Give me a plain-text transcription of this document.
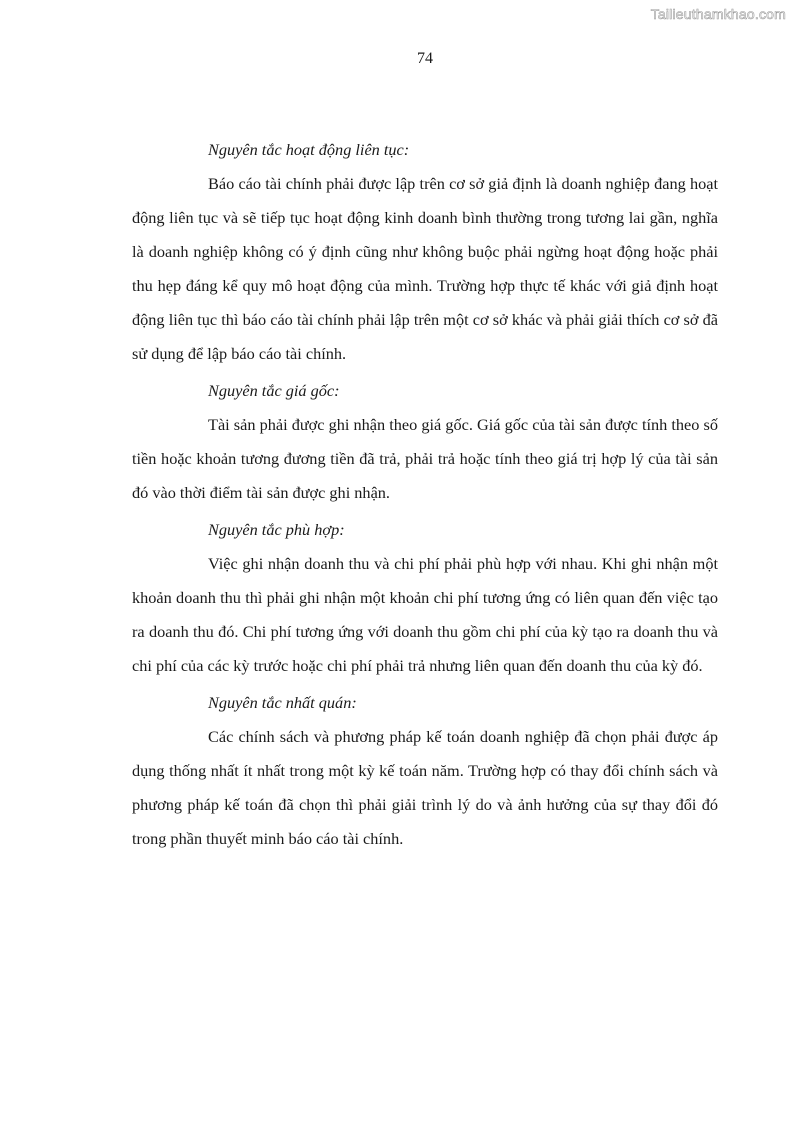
Tailieuthamkhao.com
74

Nguyên tắc hoạt động liên tục:

Báo cáo tài chính phải được lập trên cơ sở giả định là doanh nghiệp đang hoạt động liên tục và sẽ tiếp tục hoạt động kinh doanh bình thường trong tương lai gần, nghĩa là doanh nghiệp không có ý định cũng như không buộc phải ngừng hoạt động hoặc phải thu hẹp đáng kể quy mô hoạt động của mình. Trường hợp thực tế khác với giả định hoạt động liên tục thì báo cáo tài chính phải lập trên một cơ sở khác và phải giải thích cơ sở đã sử dụng để lập báo cáo tài chính.

Nguyên tắc giá gốc:

Tài sản phải được ghi nhận theo giá gốc. Giá gốc của tài sản được tính theo số tiền hoặc khoản tương đương tiền đã trả, phải trả hoặc tính theo giá trị hợp lý của tài sản đó vào thời điểm tài sản được ghi nhận.

Nguyên tắc phù hợp:

Việc ghi nhận doanh thu và chi phí phải phù hợp với nhau. Khi ghi nhận một khoản doanh thu thì phải ghi nhận một khoản chi phí tương ứng có liên quan đến việc tạo ra doanh thu đó. Chi phí tương ứng với doanh thu gồm chi phí của kỳ tạo ra doanh thu và chi phí của các kỳ trước hoặc chi phí phải trả nhưng liên quan đến doanh thu của kỳ đó.

Nguyên tắc nhất quán:

Các chính sách và phương pháp kế toán doanh nghiệp đã chọn phải được áp dụng thống nhất ít nhất trong một kỳ kế toán năm. Trường hợp có thay đổi chính sách và phương pháp kế toán đã chọn thì phải giải trình lý do và ảnh hưởng của sự thay đổi đó trong phần thuyết minh báo cáo tài chính.
